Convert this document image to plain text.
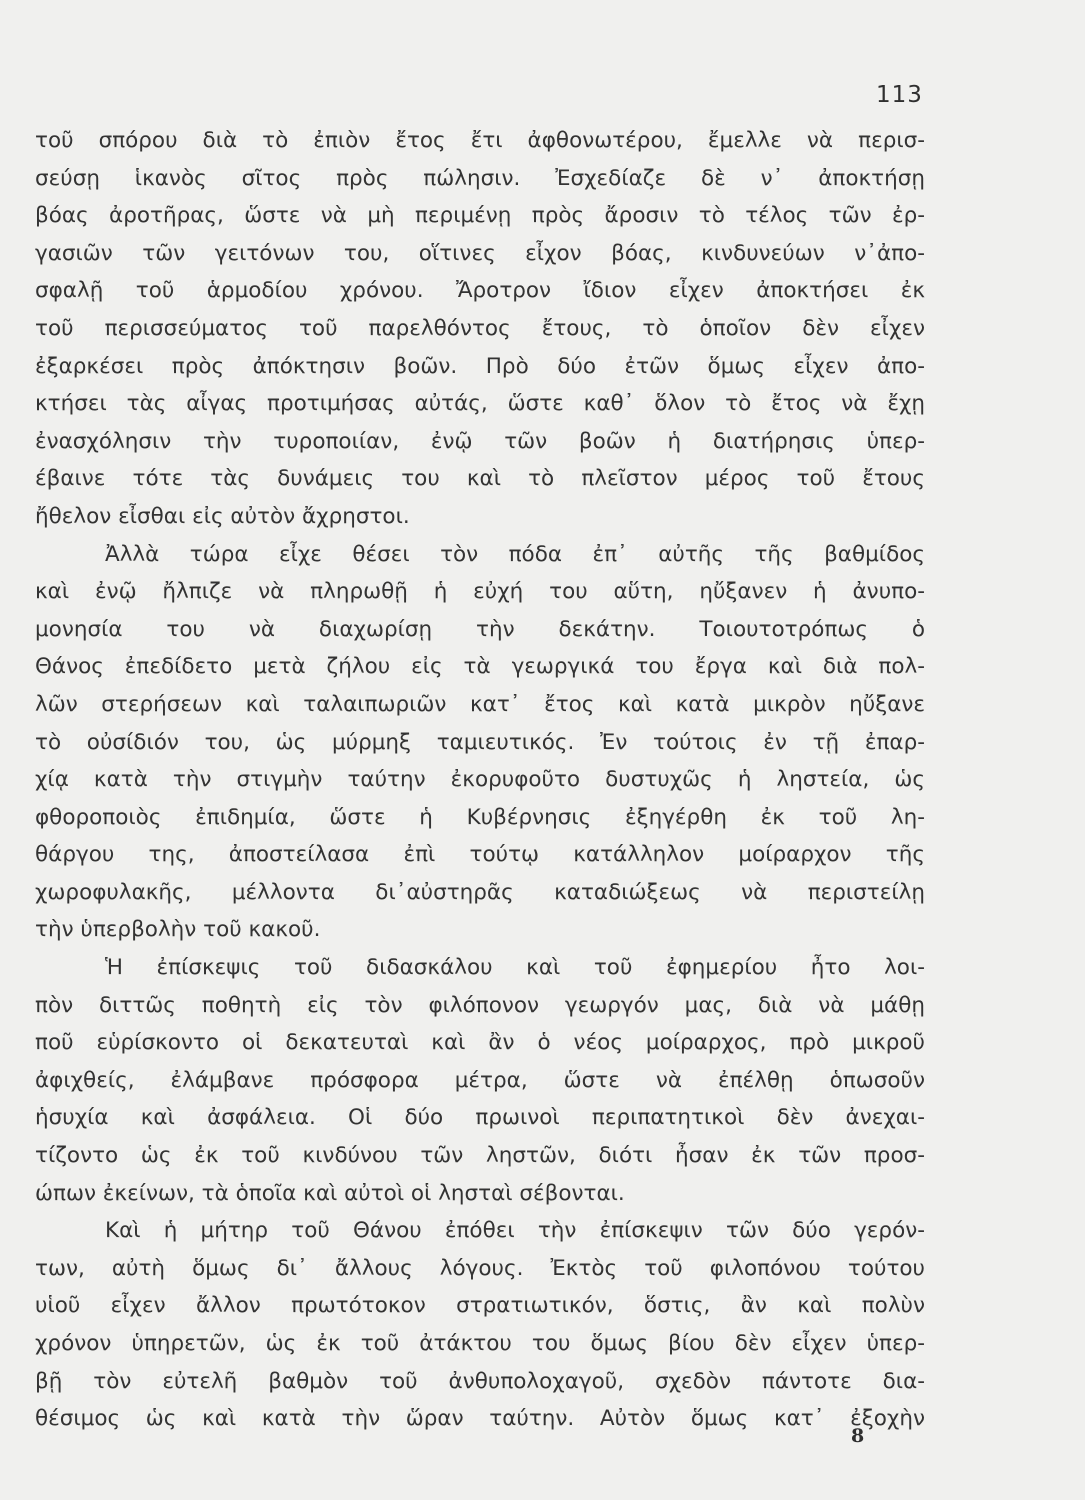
113
τοῦ σπόρου διὰ τὸ ἐπιὸν ἔτος ἔτι ἀφθονωτέρου, ἔμελλε νὰ περισ-
σεύσῃ ἱκανὸς σῖτος πρὸς πώλησιν. Ἐσχεδίαζε δὲ ν᾽ ἀποκτήσῃ
βόας ἀροτῆρας, ὥστε νὰ μὴ περιμένῃ πρὸς ἄροσιν τὸ τέλος τῶν ἐρ-
γασιῶν τῶν γειτόνων του, οἵτινες εἶχον βόας, κινδυνεύων ν᾽ἀπο-
σφαλῇ τοῦ ἁρμοδίου χρόνου. Ἄροτρον ἴδιον εἶχεν ἀποκτήσει ἐκ
τοῦ περισσεύματος τοῦ παρελθόντος ἔτους, τὸ ὁποῖον δὲν εἶχεν
ἐξαρκέσει πρὸς ἀπόκτησιν βοῶν. Πρὸ δύο ἐτῶν ὅμως εἶχεν ἀπο-
κτήσει τὰς αἶγας προτιμήσας αὐτάς, ὥστε καθ᾽ ὅλον τὸ ἔτος νὰ ἔχῃ
ἐνασχόλησιν τὴν τυροποιίαν, ἐνῷ τῶν βοῶν ἡ διατήρησις ὑπερ-
έβαινε τότε τὰς δυνάμεις του καὶ τὸ πλεῖστον μέρος τοῦ ἔτους
ἤθελον εἶσθαι εἰς αὐτὸν ἄχρηστοι.
Ἀλλὰ τώρα εἶχε θέσει τὸν πόδα ἐπ᾽ αὐτῆς τῆς βαθμίδος
καὶ ἐνῷ ἤλπιζε νὰ πληρωθῇ ἡ εὐχή του αὕτη, ηὔξανεν ἡ ἀνυπο-
μονησία του νὰ διαχωρίσῃ τὴν δεκάτην. Τοιουτοτρόπως ὁ
Θάνος ἐπεδίδετο μετὰ ζήλου εἰς τὰ γεωργικά του ἔργα καὶ διὰ πολ-
λῶν στερήσεων καὶ ταλαιπωριῶν κατ᾽ ἔτος καὶ κατὰ μικρὸν ηὔξανε
τὸ οὐσίδιόν του, ὡς μύρμηξ ταμιευτικός. Ἐν τούτοις ἐν τῇ ἐπαρ-
χίᾳ κατὰ τὴν στιγμὴν ταύτην ἐκορυφοῦτο δυστυχῶς ἡ ληστεία, ὡς
φθοροποιὸς ἐπιδημία, ὥστε ἡ Κυβέρνησις ἐξηγέρθη ἐκ τοῦ λη-
θάργου της, ἀποστείλασα ἐπὶ τούτῳ κατάλληλον μοίραρχον τῆς
χωροφυλακῆς, μέλλοντα δι᾽αὐστηρᾶς καταδιώξεως νὰ περιστείλῃ
τὴν ὑπερβολὴν τοῦ κακοῦ.
Ἡ ἐπίσκεψις τοῦ διδασκάλου καὶ τοῦ ἐφημερίου ἦτο λοι-
πὸν διττῶς ποθητὴ εἰς τὸν φιλόπονον γεωργόν μας, διὰ νὰ μάθῃ
ποῦ εὑρίσκοντο οἱ δεκατευταὶ καὶ ἂν ὁ νέος μοίραρχος, πρὸ μικροῦ
ἀφιχθείς, ἐλάμβανε πρόσφορα μέτρα, ὥστε νὰ ἐπέλθῃ ὁπωσοῦν
ἡσυχία καὶ ἀσφάλεια. Οἱ δύο πρωινοὶ περιπατητικοὶ δὲν ἀνεχαι-
τίζοντο ὡς ἐκ τοῦ κινδύνου τῶν ληστῶν, διότι ἦσαν ἐκ τῶν προσ-
ώπων ἐκείνων, τὰ ὁποῖα καὶ αὐτοὶ οἱ λησταὶ σέβονται.
Καὶ ἡ μήτηρ τοῦ Θάνου ἐπόθει τὴν ἐπίσκεψιν τῶν δύο γερόν-
των, αὐτὴ ὅμως δι᾽ ἄλλους λόγους. Ἐκτὸς τοῦ φιλοπόνου τούτου
υἱοῦ εἶχεν ἄλλον πρωτότοκον στρατιωτικόν, ὅστις, ἂν καὶ πολὺν
χρόνον ὑπηρετῶν, ὡς ἐκ τοῦ ἀτάκτου του ὅμως βίου δὲν εἶχεν ὑπερ-
βῇ τὸν εὐτελῆ βαθμὸν τοῦ ἀνθυπολοχαγοῦ, σχεδὸν πάντοτε δια-
θέσιμος ὡς καὶ κατὰ τὴν ὥραν ταύτην. Αὐτὸν ὅμως κατ᾽ ἐξοχὴν
8
